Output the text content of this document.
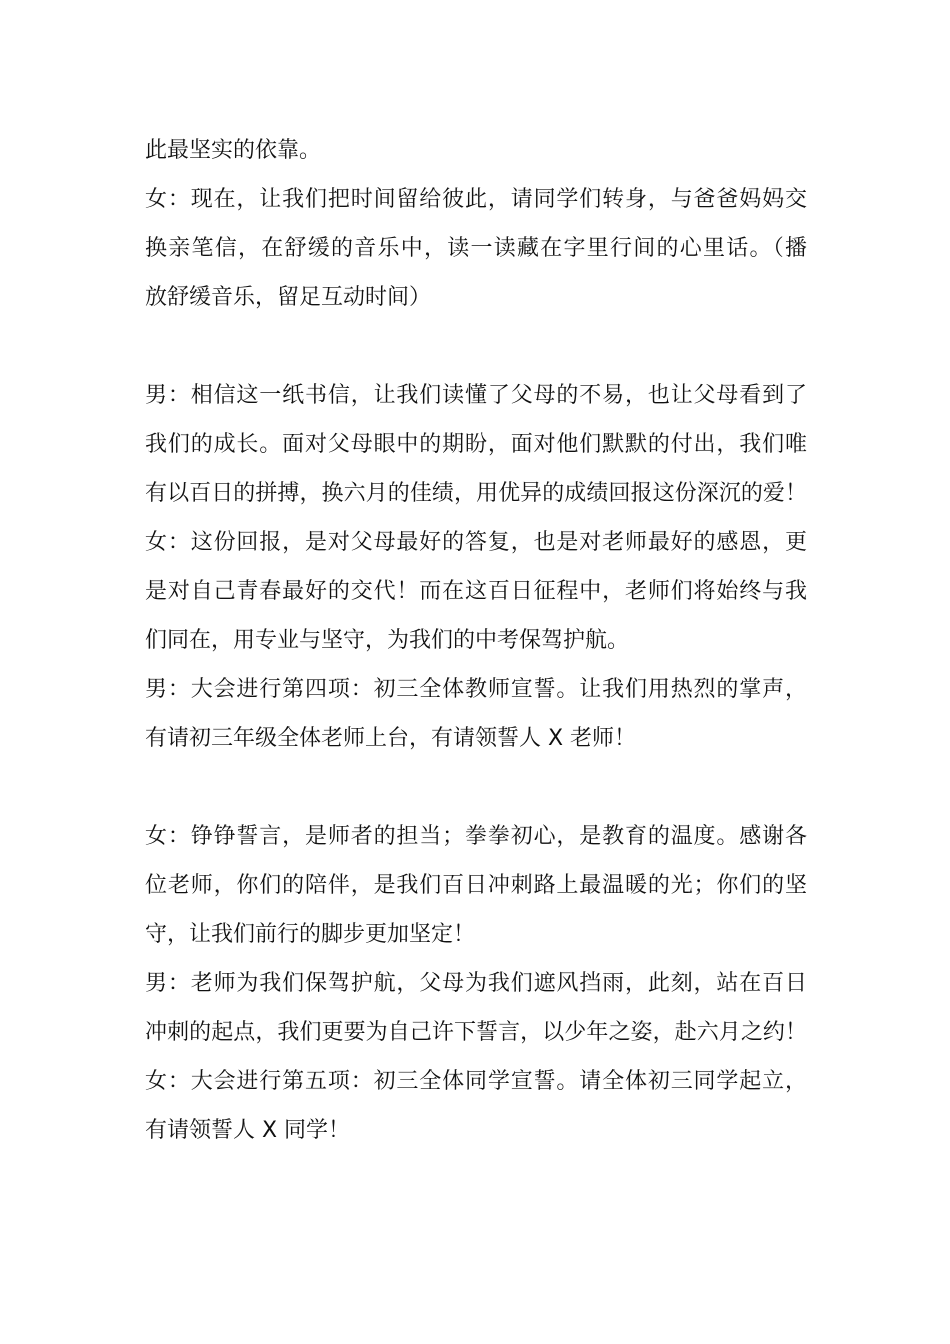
此最坚实的依靠。
女：现在，让我们把时间留给彼此，请同学们转身，与爸爸妈妈交
换亲笔信，在舒缓的音乐中，读一读藏在字里行间的心里话。（播
放舒缓音乐，留足互动时间）
男：相信这一纸书信，让我们读懂了父母的不易，也让父母看到了
我们的成长。面对父母眼中的期盼，面对他们默默的付出，我们唯
有以百日的拼搏，换六月的佳绩，用优异的成绩回报这份深沉的爱！
女：这份回报，是对父母最好的答复，也是对老师最好的感恩，更
是对自己青春最好的交代！而在这百日征程中，老师们将始终与我
们同在，用专业与坚守，为我们的中考保驾护航。
男：大会进行第四项：初三全体教师宣誓。让我们用热烈的掌声，
有请初三年级全体老师上台，有请领誓人 X 老师！
女：铮铮誓言，是师者的担当；拳拳初心，是教育的温度。感谢各
位老师，你们的陪伴，是我们百日冲刺路上最温暖的光；你们的坚
守，让我们前行的脚步更加坚定！
男：老师为我们保驾护航，父母为我们遮风挡雨，此刻，站在百日
冲刺的起点，我们更要为自己许下誓言，以少年之姿，赴六月之约！
女：大会进行第五项：初三全体同学宣誓。请全体初三同学起立，
有请领誓人 X 同学！
